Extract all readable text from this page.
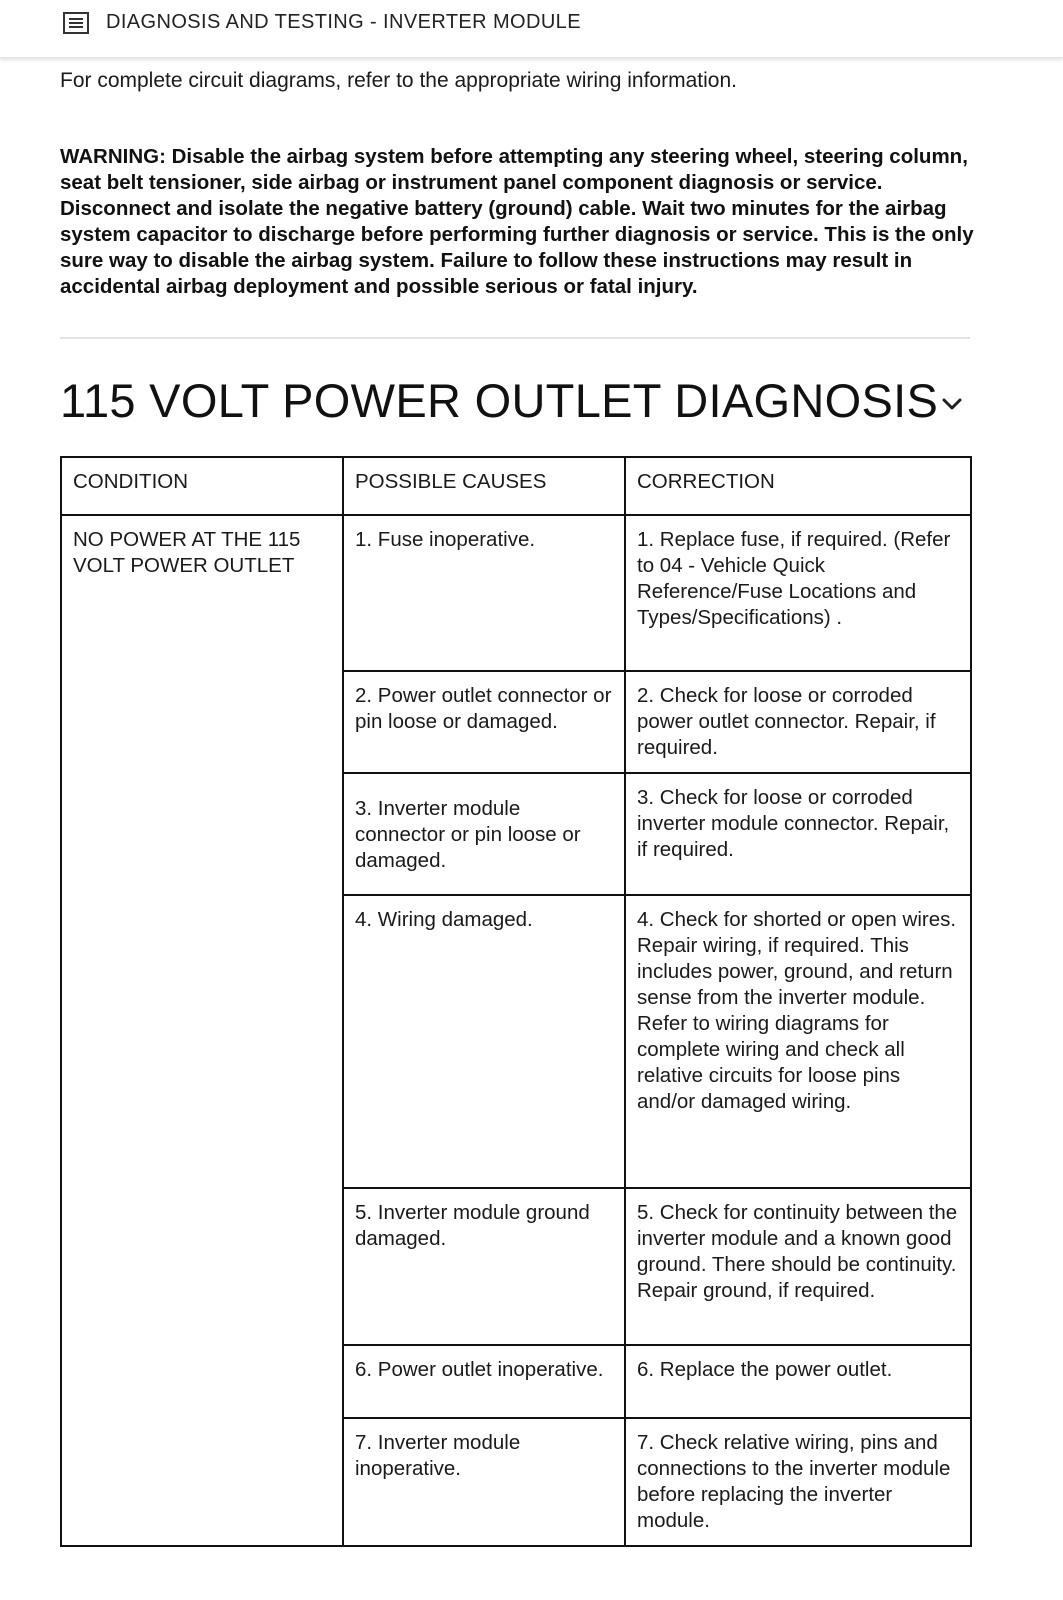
DIAGNOSIS AND TESTING - INVERTER MODULE
For complete circuit diagrams, refer to the appropriate wiring information.
WARNING: Disable the airbag system before attempting any steering wheel, steering column, seat belt tensioner, side airbag or instrument panel component diagnosis or service. Disconnect and isolate the negative battery (ground) cable. Wait two minutes for the airbag system capacitor to discharge before performing further diagnosis or service. This is the only sure way to disable the airbag system. Failure to follow these instructions may result in accidental airbag deployment and possible serious or fatal injury.
115 VOLT POWER OUTLET DIAGNOSIS
CONDITION	POSSIBLE CAUSES	CORRECTION
NO POWER AT THE 115 VOLT POWER OUTLET	1. Fuse inoperative.	1. Replace fuse, if required. (Refer to 04 - Vehicle Quick Reference/Fuse Locations and Types/Specifications) .
	2. Power outlet connector or pin loose or damaged.	2. Check for loose or corroded power outlet connector. Repair, if required.
	3. Inverter module connector or pin loose or damaged.	3. Check for loose or corroded inverter module connector. Repair, if required.
	4. Wiring damaged.	4. Check for shorted or open wires. Repair wiring, if required. This includes power, ground, and return sense from the inverter module. Refer to wiring diagrams for complete wiring and check all relative circuits for loose pins and/or damaged wiring.
	5. Inverter module ground damaged.	5. Check for continuity between the inverter module and a known good ground. There should be continuity. Repair ground, if required.
	6. Power outlet inoperative.	6. Replace the power outlet.
	7. Inverter module inoperative.	7. Check relative wiring, pins and connections to the inverter module before replacing the inverter module.
